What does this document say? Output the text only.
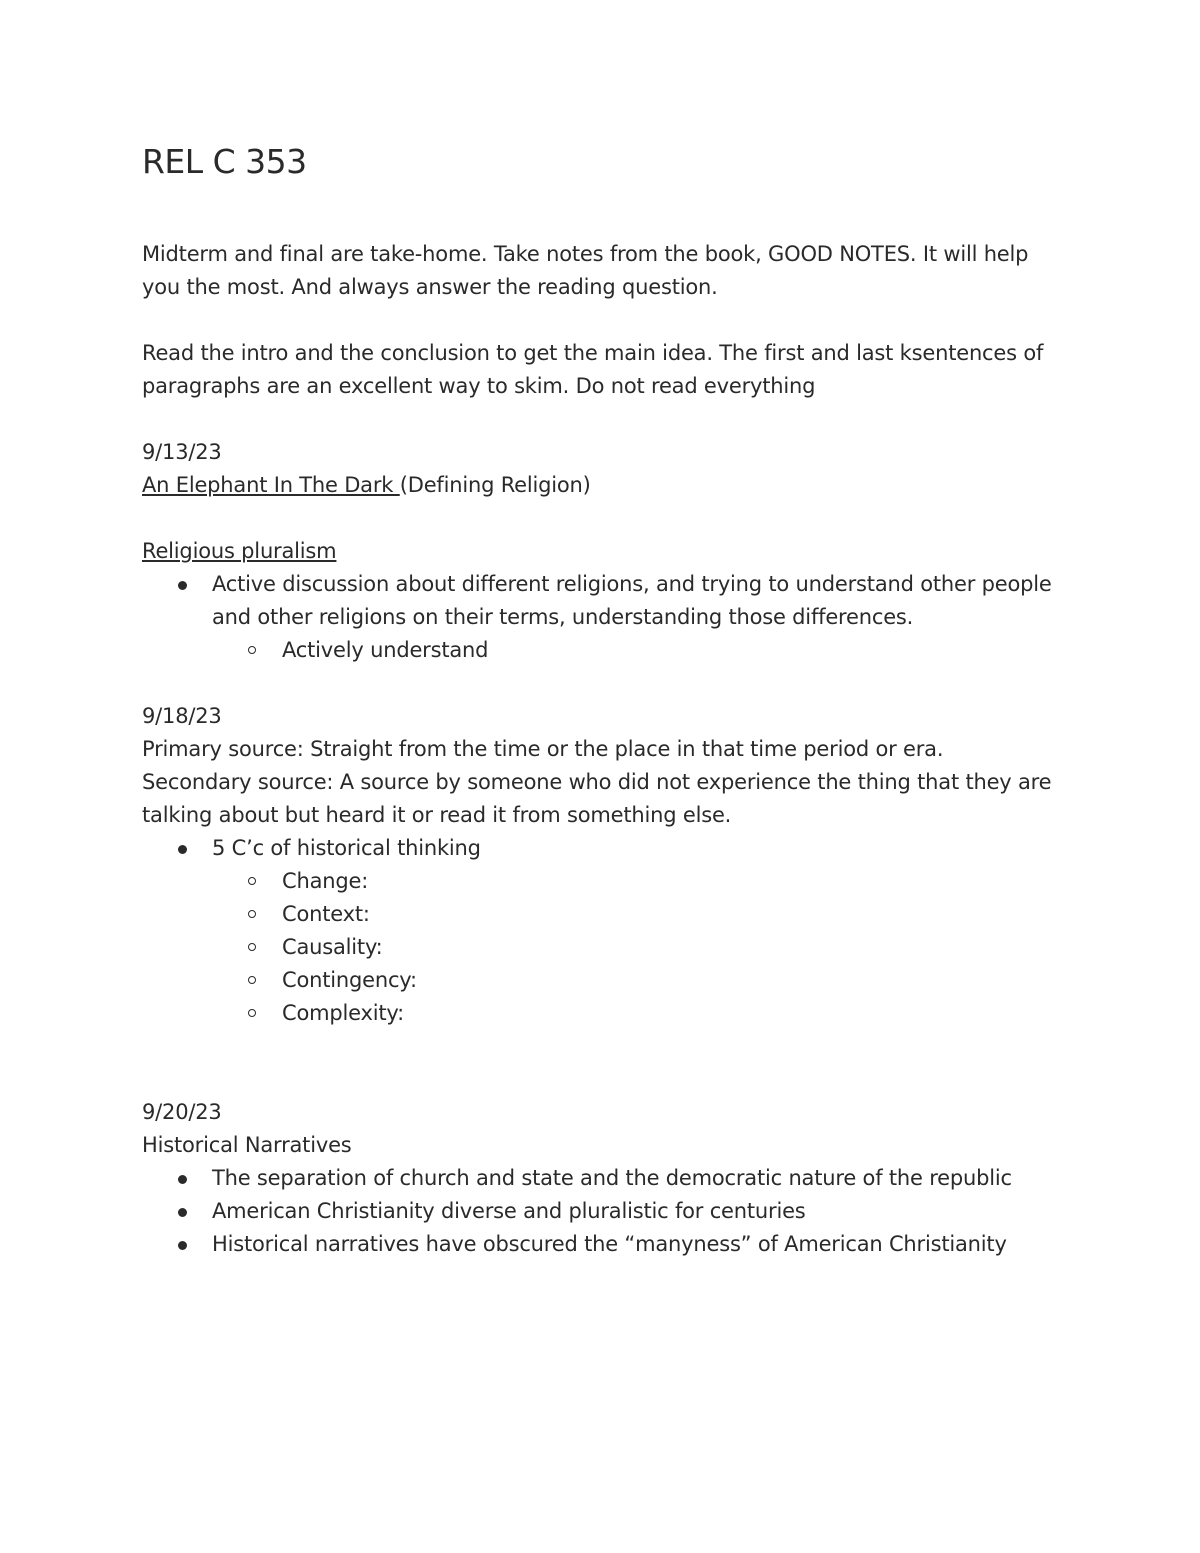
REL C 353

Midterm and final are take-home. Take notes from the book, GOOD NOTES. It will help you the most. And always answer the reading question.

Read the intro and the conclusion to get the main idea. The first and last ksentences of paragraphs are an excellent way to skim. Do not read everything

9/13/23

An Elephant In The Dark (Defining Religion)

Religious pluralism

Active discussion about different religions, and trying to understand other people and other religions on their terms, understanding those differences.
Actively understand

9/18/23

Primary source: Straight from the time or the place in that time period or era.

Secondary source: A source by someone who did not experience the thing that they are talking about but heard it or read it from something else.

5 C’c of historical thinking
Change:
Context:
Causality:
Contingency:
Complexity:

9/20/23

Historical Narratives

The separation of church and state and the democratic nature of the republic
American Christianity diverse and pluralistic for centuries
Historical narratives have obscured the “manyness” of American Christianity
